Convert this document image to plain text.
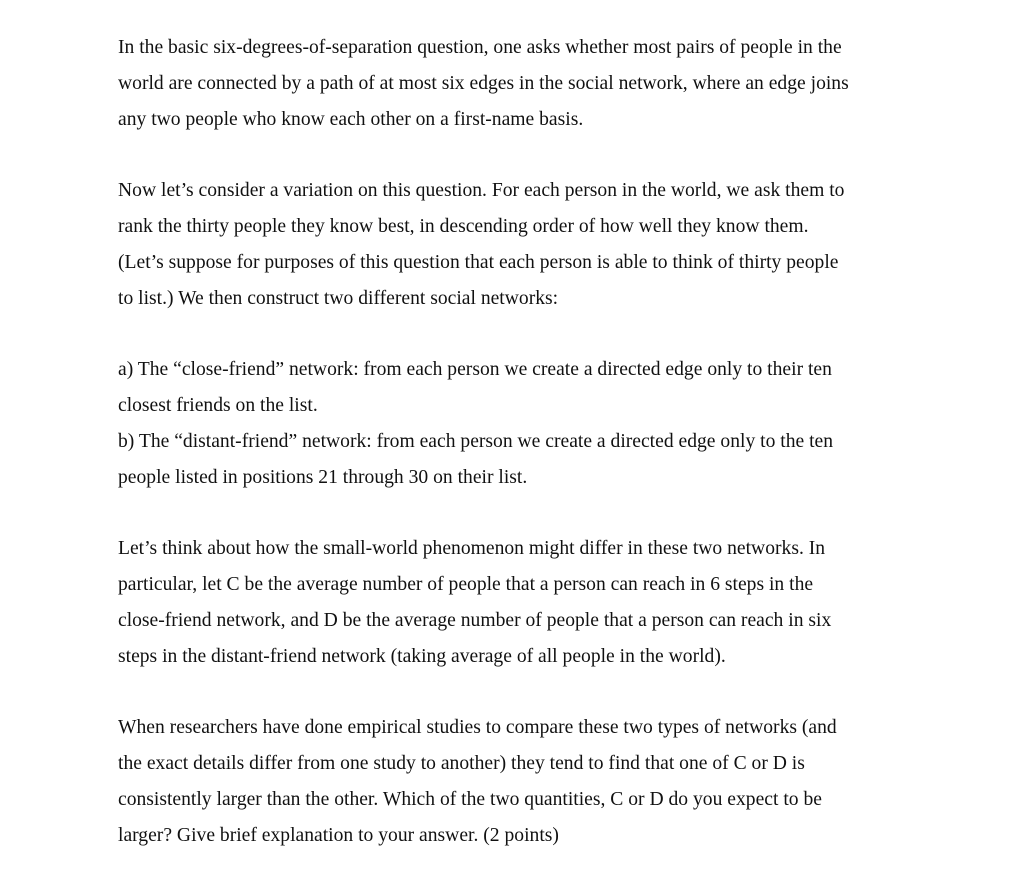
In the basic six-degrees-of-separation question, one asks whether most pairs of people in the
world are connected by a path of at most six edges in the social network, where an edge joins
any two people who know each other on a first-name basis.

Now let’s consider a variation on this question. For each person in the world, we ask them to
rank the thirty people they know best, in descending order of how well they know them.
(Let’s suppose for purposes of this question that each person is able to think of thirty people
to list.) We then construct two different social networks:

a) The “close-friend” network: from each person we create a directed edge only to their ten
closest friends on the list.

b) The “distant-friend” network: from each person we create a directed edge only to the ten
people listed in positions 21 through 30 on their list.

Let’s think about how the small-world phenomenon might differ in these two networks. In
particular, let C be the average number of people that a person can reach in 6 steps in the
close-friend network, and D be the average number of people that a person can reach in six
steps in the distant-friend network (taking average of all people in the world).

When researchers have done empirical studies to compare these two types of networks (and
the exact details differ from one study to another) they tend to find that one of C or D is
consistently larger than the other. Which of the two quantities, C or D do you expect to be
larger? Give brief explanation to your answer. (2 points)
